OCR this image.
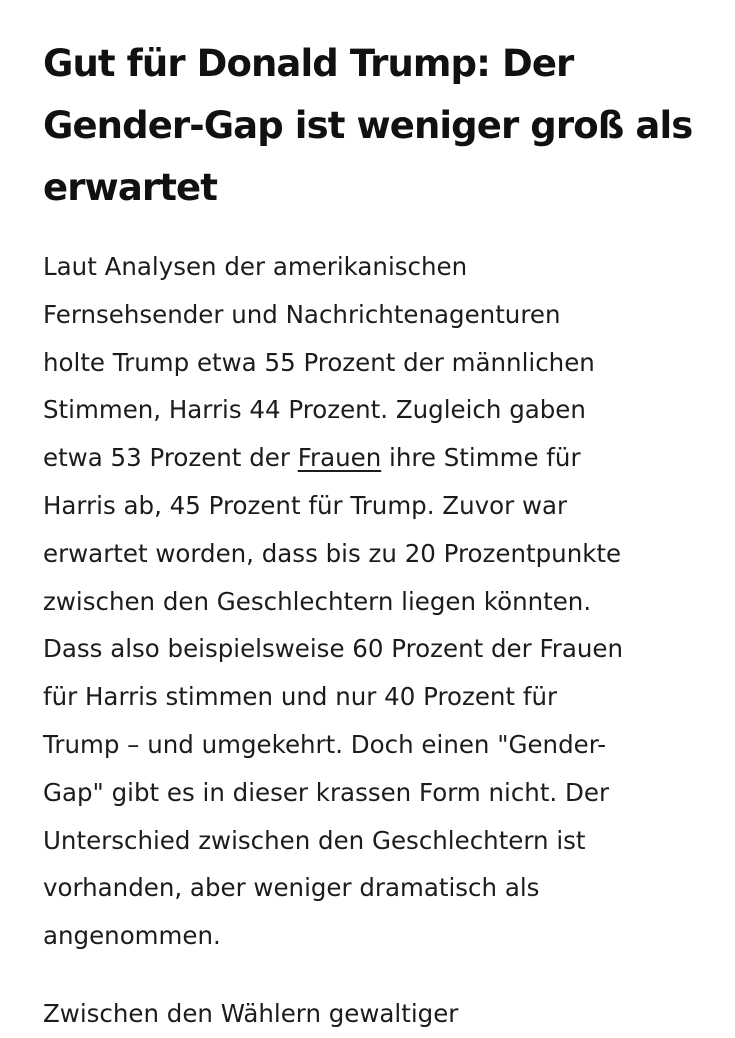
Gut für Donald Trump: Der
Gender-Gap ist weniger groß als
erwartet

Laut Analysen der amerikanischen
Fernsehsender und Nachrichtenagenturen
holte Trump etwa 55 Prozent der männlichen
Stimmen, Harris 44 Prozent. Zugleich gaben
etwa 53 Prozent der Frauen ihre Stimme für
Harris ab, 45 Prozent für Trump. Zuvor war
erwartet worden, dass bis zu 20 Prozentpunkte
zwischen den Geschlechtern liegen könnten.
Dass also beispielsweise 60 Prozent der Frauen
für Harris stimmen und nur 40 Prozent für
Trump – und umgekehrt. Doch einen "Gender-
Gap" gibt es in dieser krassen Form nicht. Der
Unterschied zwischen den Geschlechtern ist
vorhanden, aber weniger dramatisch als
angenommen.

Zwischen den Wählern gewaltiger
